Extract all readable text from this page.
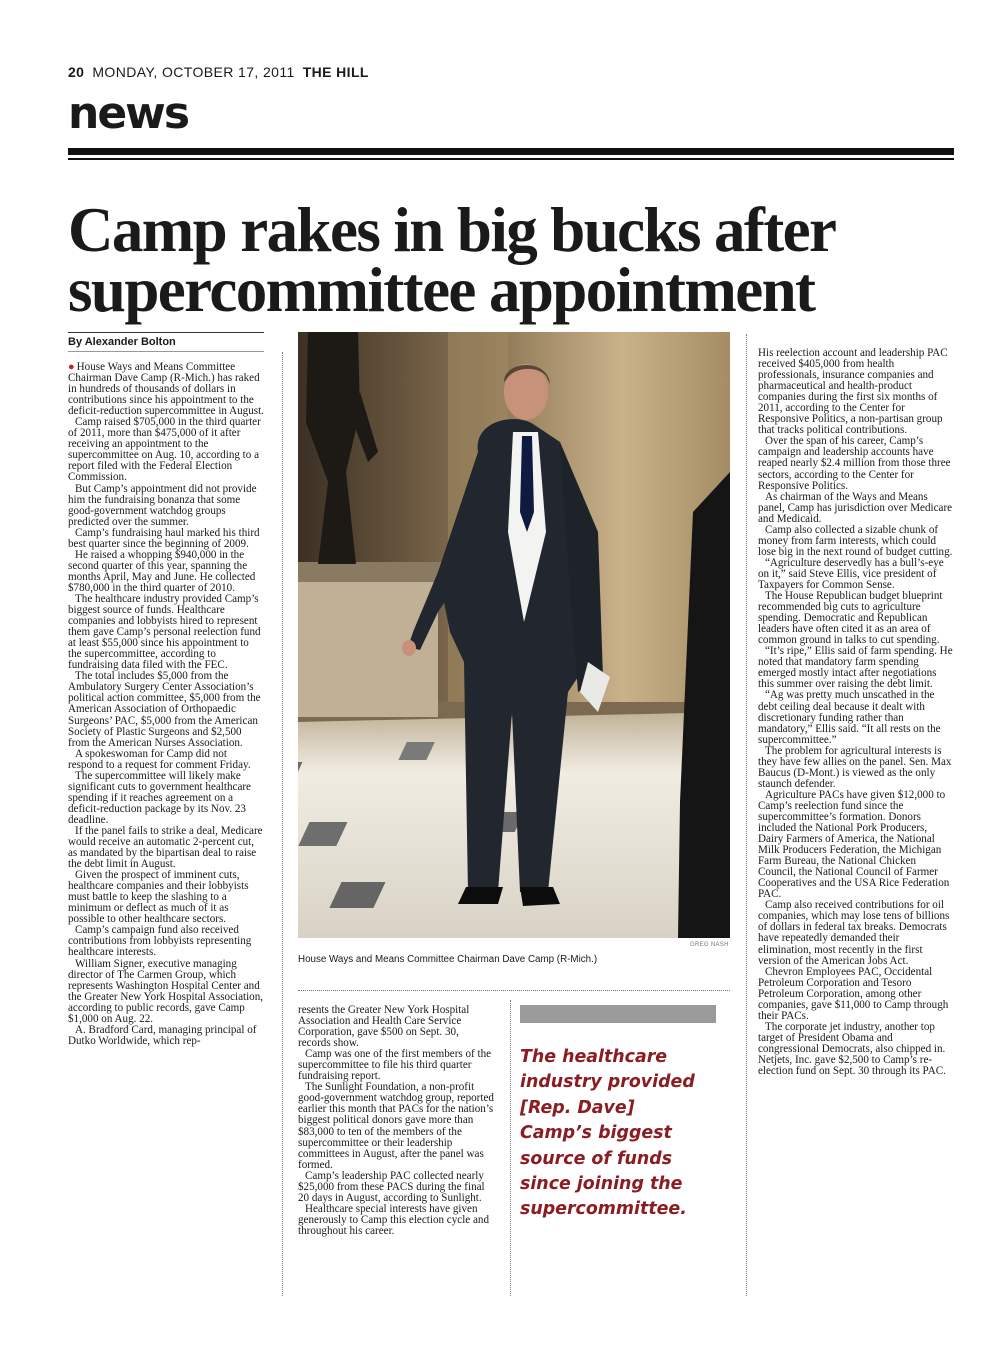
20 MONDAY, OCTOBER 17, 2011 THE HILL
news
Camp rakes in big bucks after
supercommittee appointment
By Alexander Bolton

● House Ways and Means Committee Chairman Dave Camp (R-Mich.) has raked in hundreds of thousands of dollars in contributions since his appointment to the deficit-reduction supercommittee in August.

Camp raised $705,000 in the third quarter of 2011, more than $475,000 of it after receiving an appointment to the supercommittee on Aug. 10, according to a report filed with the Federal Election Commission.

But Camp’s appointment did not provide him the fundraising bonanza that some good-government watchdog groups predicted over the summer.

Camp’s fundraising haul marked his third best quarter since the beginning of 2009.

He raised a whopping $940,000 in the second quarter of this year, spanning the months April, May and June. He collected $780,000 in the third quarter of 2010.

The healthcare industry provided Camp’s biggest source of funds. Healthcare companies and lobbyists hired to represent them gave Camp’s personal reelection fund at least $55,000 since his appointment to the supercommittee, according to fundraising data filed with the FEC.

The total includes $5,000 from the Ambulatory Surgery Center Association’s political action committee, $5,000 from the American Association of Orthopaedic Surgeons’ PAC, $5,000 from the American Society of Plastic Surgeons and $2,500 from the American Nurses Association.

A spokeswoman for Camp did not respond to a request for comment Friday.

The supercommittee will likely make significant cuts to government healthcare spending if it reaches agreement on a deficit-reduction package by its Nov. 23 deadline.

If the panel fails to strike a deal, Medicare would receive an automatic 2-percent cut, as mandated by the bipartisan deal to raise the debt limit in August.

Given the prospect of imminent cuts, healthcare companies and their lobbyists must battle to keep the slashing to a minimum or deflect as much of it as possible to other healthcare sectors.

Camp’s campaign fund also received contributions from lobbyists representing healthcare interests.

William Signer, executive managing director of The Carmen Group, which represents Washington Hospital Center and the Greater New York Hospital Association, according to public records, gave Camp $1,000 on Aug. 22.

A. Bradford Card, managing principal of Dutko Worldwide, which rep-

GREG NASH
House Ways and Means Committee Chairman Dave Camp (R-Mich.)

resents the Greater New York Hospital Association and Health Care Service Corporation, gave $500 on Sept. 30, records show.

Camp was one of the first members of the supercommittee to file his third quarter fundraising report.

The Sunlight Foundation, a non-profit good-government watchdog group, reported earlier this month that PACs for the nation’s biggest political donors gave more than $83,000 to ten of the members of the supercommittee or their leadership committees in August, after the panel was formed.

Camp’s leadership PAC collected nearly $25,000 from these PACS during the final 20 days in August, according to Sunlight.

Healthcare special interests have given generously to Camp this election cycle and throughout his career.

The healthcare
industry provided
[Rep. Dave]
Camp’s biggest
source of funds
since joining the
supercommittee.

His reelection account and leadership PAC received $405,000 from health professionals, insurance companies and pharmaceutical and health-product companies during the first six months of 2011, according to the Center for Responsive Politics, a non-partisan group that tracks political contributions.

Over the span of his career, Camp’s campaign and leadership accounts have reaped nearly $2.4 million from those three sectors, according to the Center for Responsive Politics.

As chairman of the Ways and Means panel, Camp has jurisdiction over Medicare and Medicaid.

Camp also collected a sizable chunk of money from farm interests, which could lose big in the next round of budget cutting.

“Agriculture deservedly has a bull’s-eye on it,” said Steve Ellis, vice president of Taxpayers for Common Sense.

The House Republican budget blueprint recommended big cuts to agriculture spending. Democratic and Republican leaders have often cited it as an area of common ground in talks to cut spending.

“It’s ripe,” Ellis said of farm spending. He noted that mandatory farm spending emerged mostly intact after negotiations this summer over raising the debt limit.

“Ag was pretty much unscathed in the debt ceiling deal because it dealt with discretionary funding rather than mandatory,” Ellis said. “It all rests on the supercommittee.”

The problem for agricultural interests is they have few allies on the panel. Sen. Max Baucus (D-Mont.) is viewed as the only staunch defender.

Agriculture PACs have given $12,000 to Camp’s reelection fund since the supercommittee’s formation. Donors included the National Pork Producers, Dairy Farmers of America, the National Milk Producers Federation, the Michigan Farm Bureau, the National Chicken Council, the National Council of Farmer Cooperatives and the USA Rice Federation PAC.

Camp also received contributions for oil companies, which may lose tens of billions of dollars in federal tax breaks. Democrats have repeatedly demanded their elimination, most recently in the first version of the American Jobs Act.

Chevron Employees PAC, Occidental Petroleum Corporation and Tesoro Petroleum Corporation, among other companies, gave $11,000 to Camp through their PACs.

The corporate jet industry, another top target of President Obama and congressional Democrats, also chipped in. Netjets, Inc. gave $2,500 to Camp’s re-election fund on Sept. 30 through its PAC.
